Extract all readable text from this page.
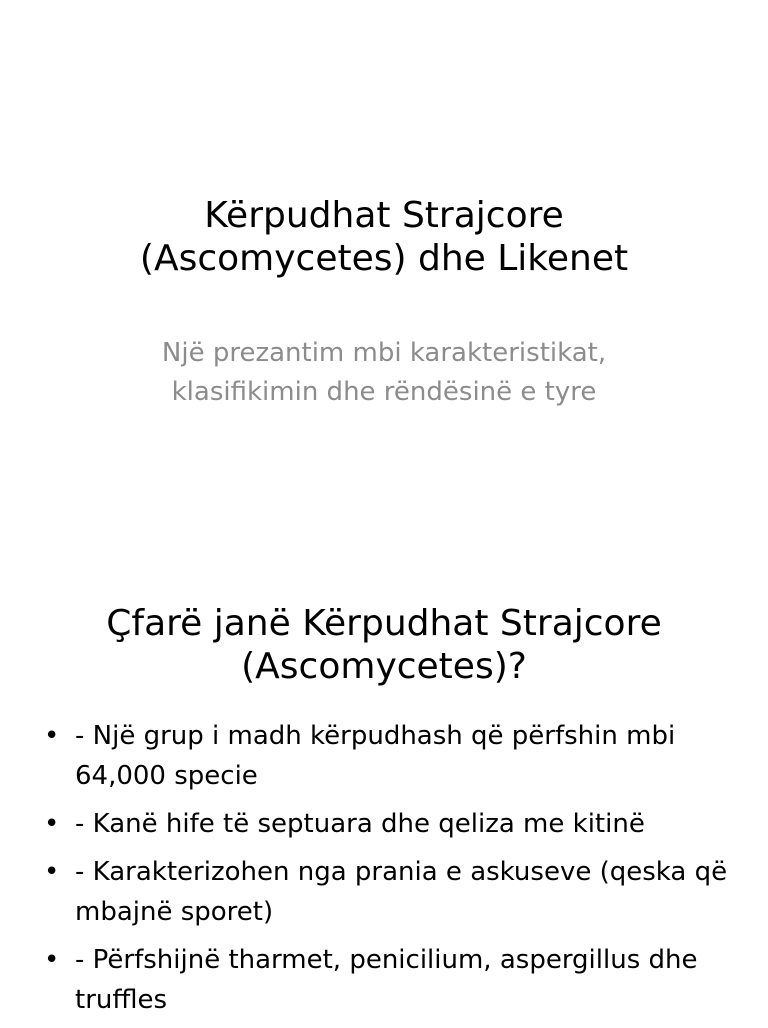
Kërpudhat Strajcore
(Ascomycetes) dhe Likenet
Një prezantim mbi karakteristikat,
klasifikimin dhe rëndësinë e tyre
Çfarë janë Kërpudhat Strajcore
(Ascomycetes)?
• - Një grup i madh kërpudhash që përfshin mbi 64,000 specie
• - Kanë hife të septuara dhe qeliza me kitinë
• - Karakterizohen nga prania e askuseve (qeska që mbajnë sporet)
• - Përfshijnë tharmet, penicilium, aspergillus dhe truffles
